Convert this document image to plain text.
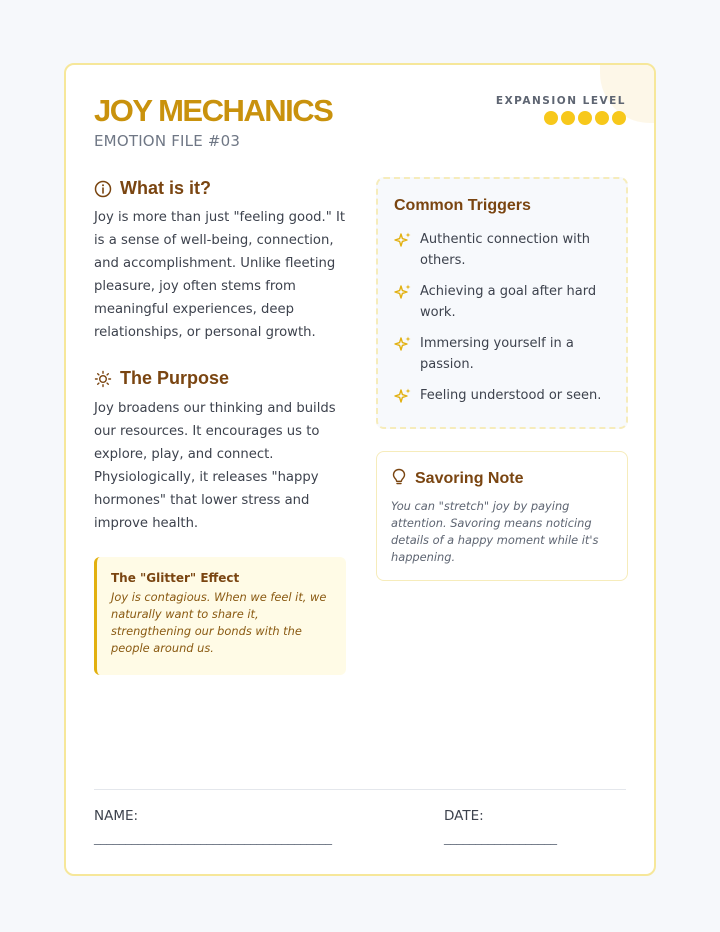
JOY MECHANICS
EMOTION FILE #03
EXPANSION LEVEL
What is it?

Joy is more than just "feeling good." It is a sense of well-being, connection, and accomplishment. Unlike fleeting pleasure, joy often stems from meaningful experiences, deep relationships, or personal growth.

The Purpose

Joy broadens our thinking and builds our resources. It encourages us to explore, play, and connect. Physiologically, it releases "happy hormones" that lower stress and improve health.

The "Glitter" Effect

Joy is contagious. When we feel it, we naturally want to share it, strengthening our bonds with the people around us.

Common Triggers
Authentic connection with others.
Achieving a goal after hard work.
Immersing yourself in a passion.
Feeling understood or seen.
Savoring Note

You can "stretch" joy by paying attention. Savoring means noticing details of a happy moment while it's happening.

NAME:
______________________________________
DATE:
__________________
